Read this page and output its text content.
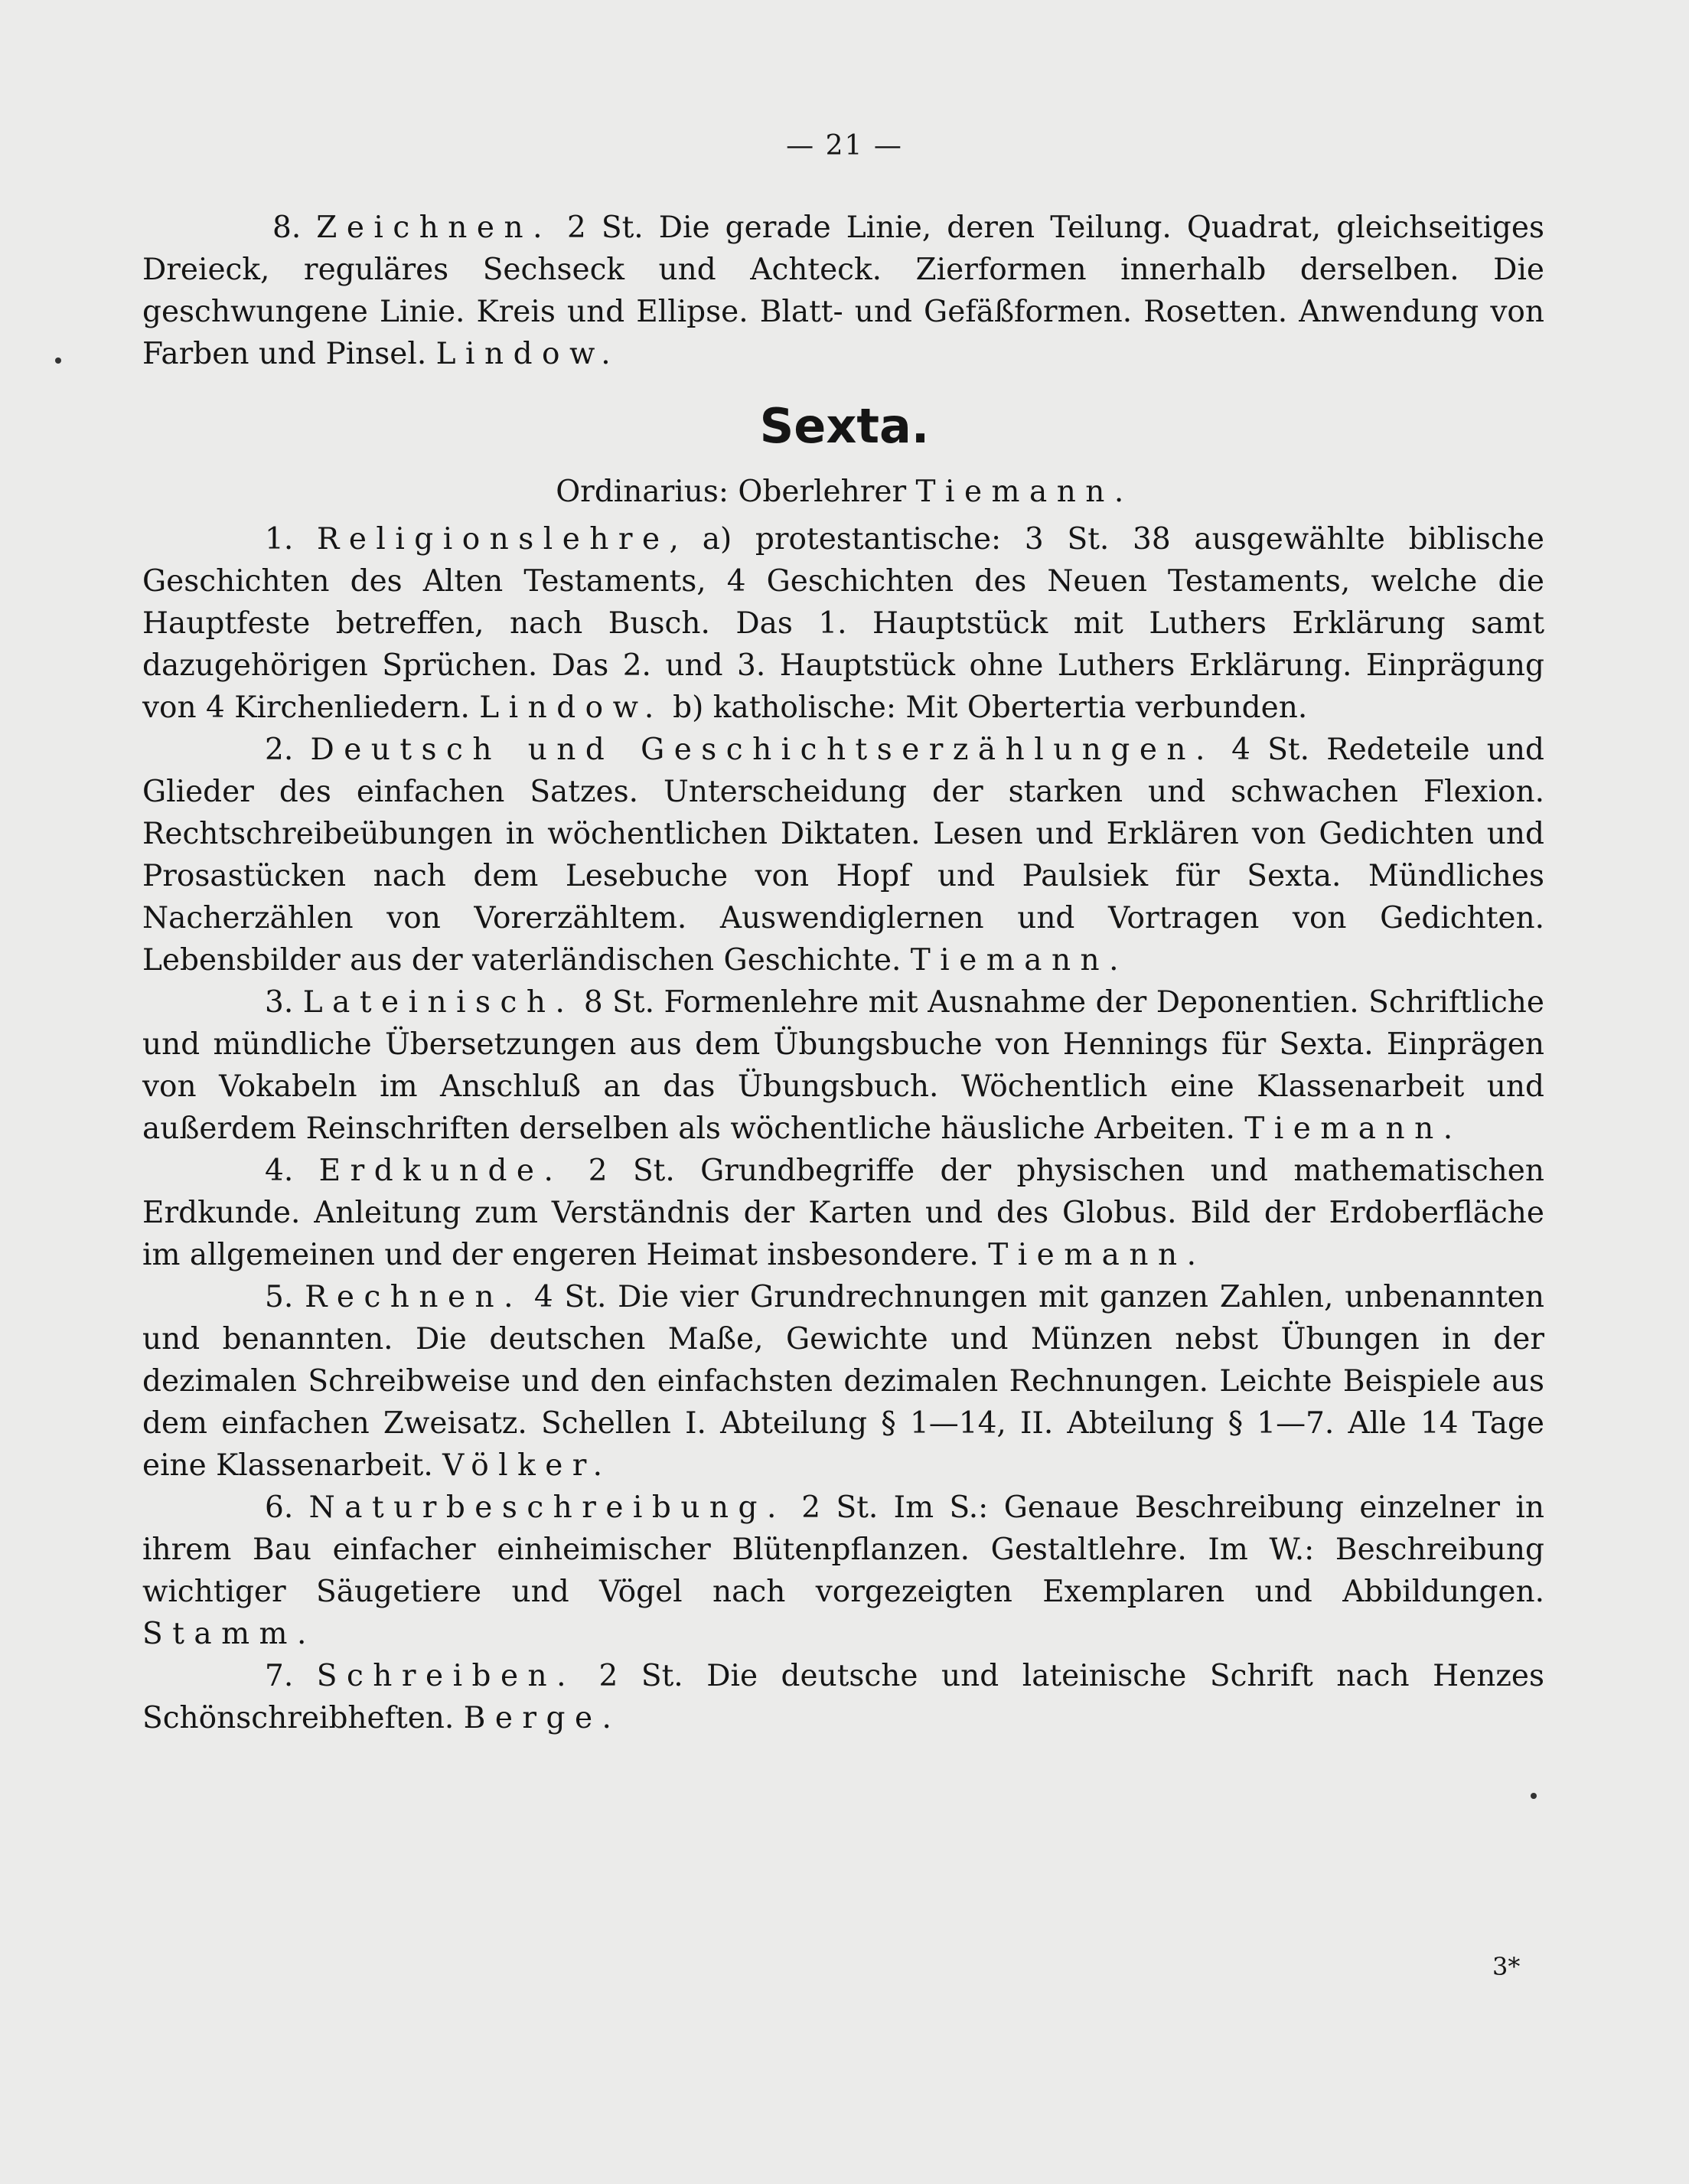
— 21 —

8. Zeichnen. 2 St. Die gerade Linie, deren Teilung. Quadrat, gleichseitiges Dreieck, reguläres Sechseck und Achteck. Zierformen innerhalb derselben. Die geschwungene Linie. Kreis und Ellipse. Blatt- und Gefäßformen. Rosetten. Anwendung von Farben und Pinsel. Lindow.

Sexta.
Ordinarius: Oberlehrer Tiemann.

1. Religionslehre, a) protestantische: 3 St. 38 ausgewählte biblische Geschichten des Alten Testaments, 4 Geschichten des Neuen Testaments, welche die Hauptfeste betreffen, nach Busch. Das 1. Hauptstück mit Luthers Erklärung samt dazugehörigen Sprüchen. Das 2. und 3. Hauptstück ohne Luthers Erklärung. Einprägung von 4 Kirchenliedern. Lindow. b) katholische: Mit Obertertia verbunden.

2. Deutsch und Geschichtserzählungen. 4 St. Redeteile und Glieder des einfachen Satzes. Unterscheidung der starken und schwachen Flexion. Rechtschreibeübungen in wöchentlichen Diktaten. Lesen und Erklären von Gedichten und Prosastücken nach dem Lesebuche von Hopf und Paulsiek für Sexta. Mündliches Nacherzählen von Vorerzähltem. Auswendiglernen und Vortragen von Gedichten. Lebensbilder aus der vaterländischen Geschichte. Tiemann.

3. Lateinisch. 8 St. Formenlehre mit Ausnahme der Deponentien. Schriftliche und mündliche Übersetzungen aus dem Übungsbuche von Hennings für Sexta. Einprägen von Vokabeln im Anschluß an das Übungsbuch. Wöchentlich eine Klassenarbeit und außerdem Reinschriften derselben als wöchentliche häusliche Arbeiten. Tiemann.

4. Erdkunde. 2 St. Grundbegriffe der physischen und mathematischen Erdkunde. Anleitung zum Verständnis der Karten und des Globus. Bild der Erdoberfläche im allgemeinen und der engeren Heimat insbesondere. Tiemann.

5. Rechnen. 4 St. Die vier Grundrechnungen mit ganzen Zahlen, unbenannten und benannten. Die deutschen Maße, Gewichte und Münzen nebst Übungen in der dezimalen Schreibweise und den einfachsten dezimalen Rechnungen. Leichte Beispiele aus dem einfachen Zweisatz. Schellen I. Abteilung § 1—14, II. Abteilung § 1—7. Alle 14 Tage eine Klassenarbeit. Völker.

6. Naturbeschreibung. 2 St. Im S.: Genaue Beschreibung einzelner in ihrem Bau einfacher einheimischer Blütenpflanzen. Gestaltlehre. Im W.: Beschreibung wichtiger Säugetiere und Vögel nach vorgezeigten Exemplaren und Abbildungen. Stamm.

7. Schreiben. 2 St. Die deutsche und lateinische Schrift nach Henzes Schönschreibheften. Berge.

3*
